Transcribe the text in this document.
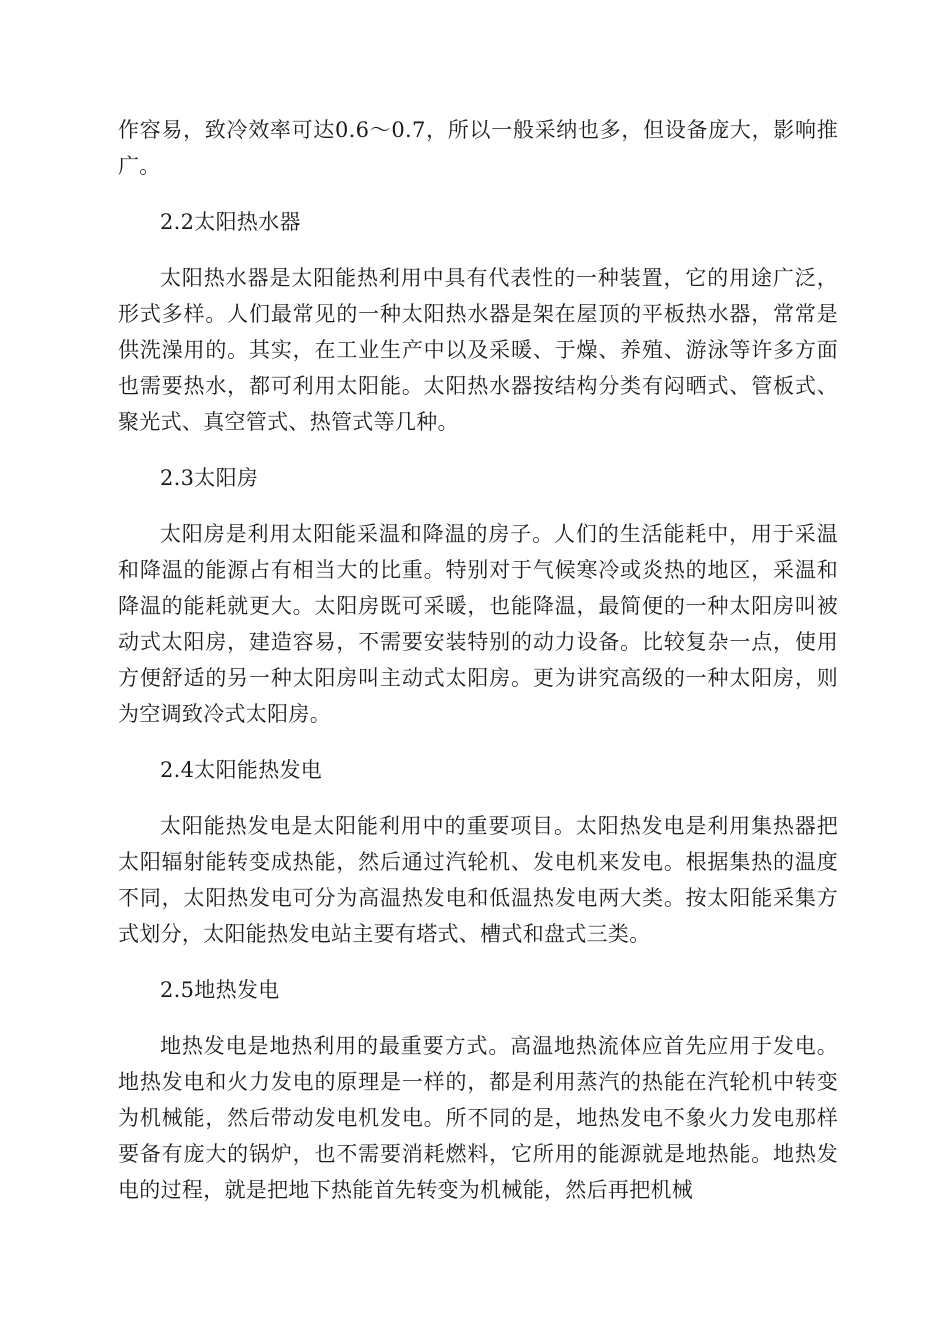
作容易，致冷效率可达0.6～0.7，所以一般采纳也多，但设备庞大，影响推广。

2.2太阳热水器

太阳热水器是太阳能热利用中具有代表性的一种装置，它的用途广泛，形式多样。人们最常见的一种太阳热水器是架在屋顶的平板热水器，常常是供洗澡用的。其实，在工业生产中以及采暖、于燥、养殖、游泳等许多方面也需要热水，都可利用太阳能。太阳热水器按结构分类有闷晒式、管板式、聚光式、真空管式、热管式等几种。

2.3太阳房

太阳房是利用太阳能采温和降温的房子。人们的生活能耗中，用于采温和降温的能源占有相当大的比重。特别对于气候寒冷或炎热的地区，采温和降温的能耗就更大。太阳房既可采暖，也能降温，最简便的一种太阳房叫被动式太阳房，建造容易，不需要安装特别的动力设备。比较复杂一点，使用方便舒适的另一种太阳房叫主动式太阳房。更为讲究高级的一种太阳房，则为空调致冷式太阳房。

2.4太阳能热发电

太阳能热发电是太阳能利用中的重要项目。太阳热发电是利用集热器把太阳辐射能转变成热能，然后通过汽轮机、发电机来发电。根据集热的温度不同，太阳热发电可分为高温热发电和低温热发电两大类。按太阳能采集方式划分，太阳能热发电站主要有塔式、槽式和盘式三类。

2.5地热发电

地热发电是地热利用的最重要方式。高温地热流体应首先应用于发电。地热发电和火力发电的原理是一样的，都是利用蒸汽的热能在汽轮机中转变为机械能，然后带动发电机发电。所不同的是，地热发电不象火力发电那样要备有庞大的锅炉，也不需要消耗燃料，它所用的能源就是地热能。地热发电的过程，就是把地下热能首先转变为机械能，然后再把机械
